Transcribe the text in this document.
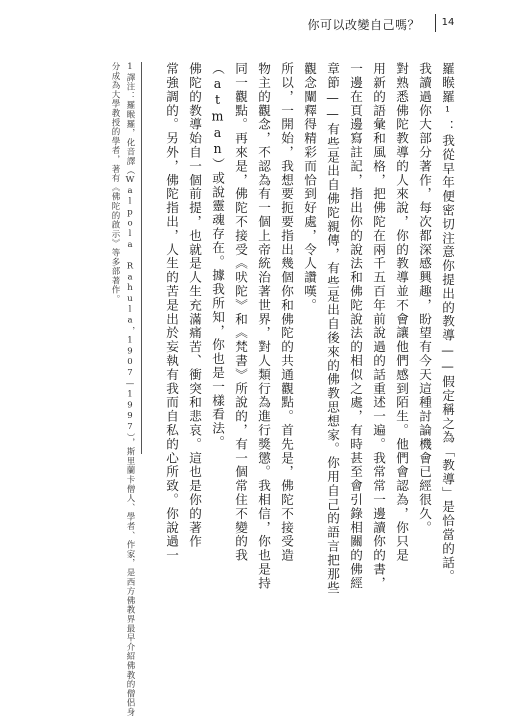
你可以改變自己嗎？	14

羅睺羅¹：我從早年便密切注意你提出的教導——假定稱之為「教導」是恰當的話。

我讀過你大部分著作，每次都深感興趣，盼望有今天這種討論機會已經很久。

對熟悉佛陀教導的人來說，你的教導並不會讓他們感到陌生。他們會認為，你只是

用新的語彙和風格，把佛陀在兩千五百年前說過的話重述一遍。我常常一邊讀你的書，

一邊在頁邊寫註記，指出你的說法和佛陀說法的相似之處，有時甚至會引錄相關的佛經

章節——有些是出自佛陀親傳，有些是出自後來的佛教思想家。你用自己的語言把那些

觀念闡釋得精彩而恰到好處，令人讚嘆。

所以，一開始，我想要扼要指出幾個你和佛陀的共通觀點。首先是，佛陀不接受造

物主的觀念，不認為有一個上帝統治著世界，對人類行為進行獎懲。我相信，你也是持

同一觀點。再來是，佛陀不接受《吠陀》和《梵書》所說的，有一個常住不變的我

（atman）或說靈魂存在。據我所知，你也是一樣看法。

佛陀的教導始自一個前提，也就是人生充滿痛苦、衝突和悲哀。這也是你的著作

常強調的。另外，佛陀指出，人生的苦是出於妄執有我而自私的心所致。你說過一

1譯注：羅睺羅，化音譯（Walpola Rahula，1907—1997），斯里蘭卡僧人、學者、作家，是西方佛教界最早介紹佛教的僧侶身

分成為大學教授的學者，著有《佛陀的啟示》等多部著作。
